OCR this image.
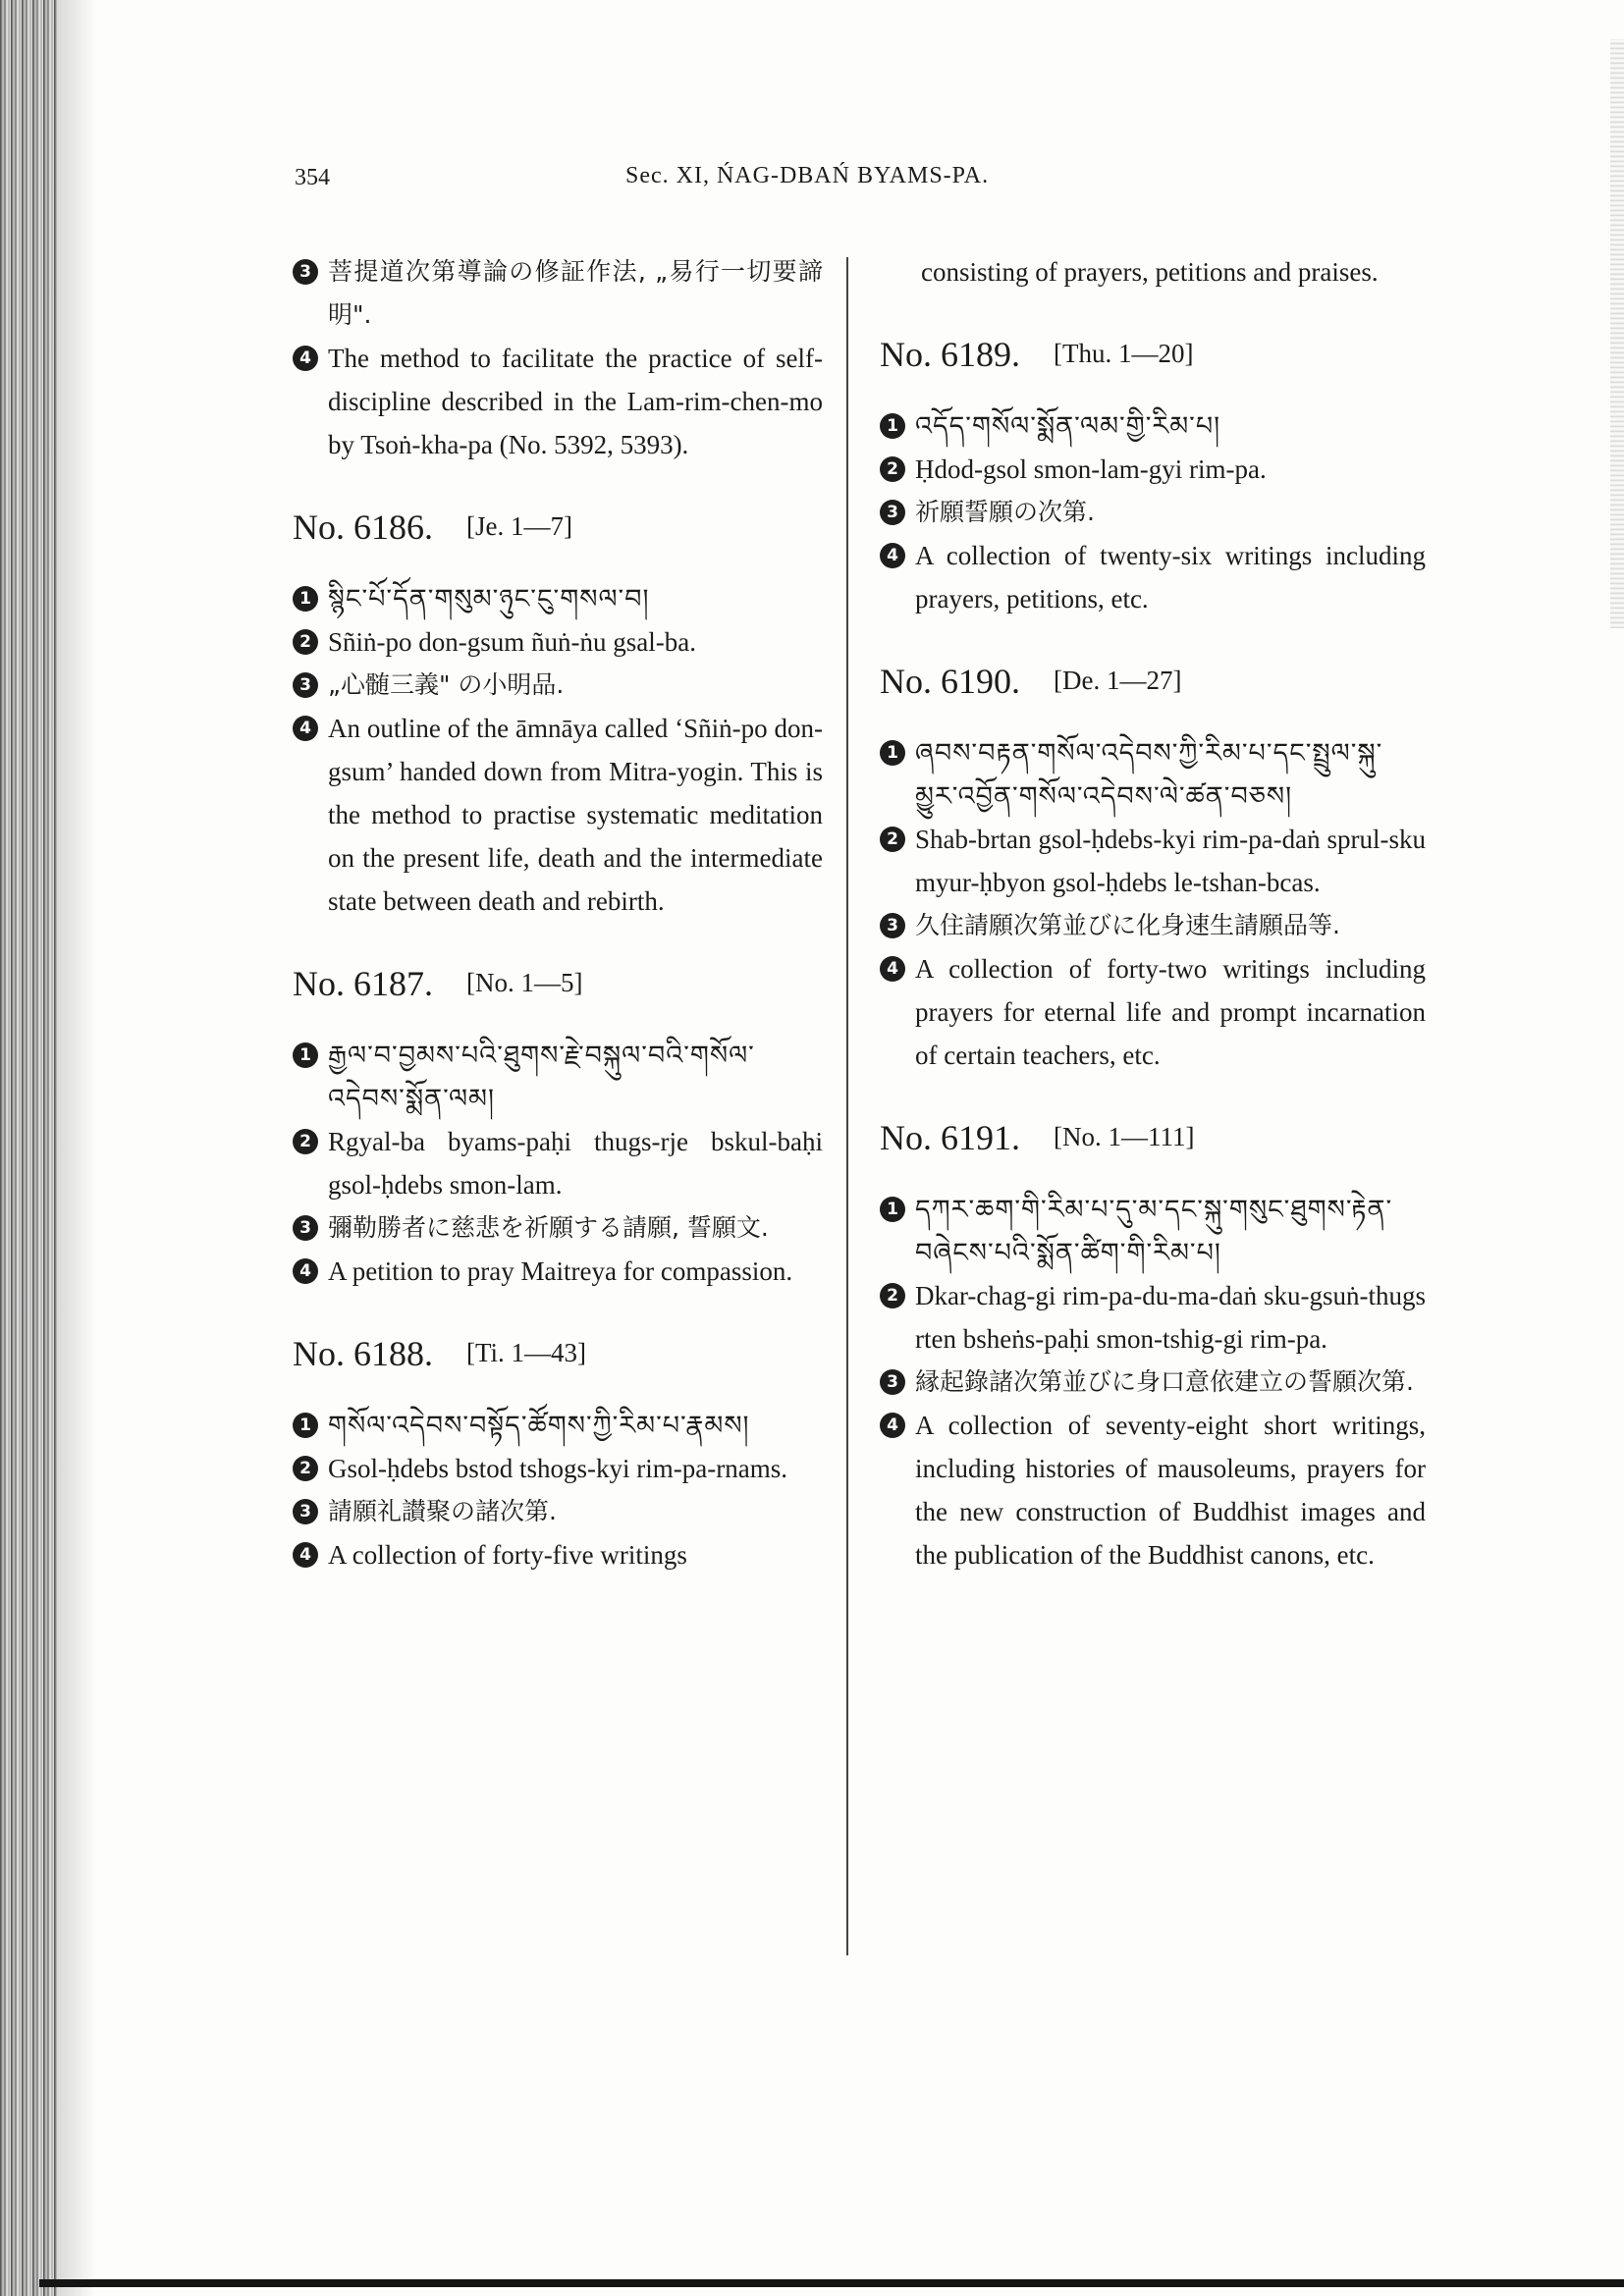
354	Sec. XI, ŃAG-DBAŃ BYAMS-PA.
3 菩提道次第導論の修証作法, „易行一切要諦明".
4 The method to facilitate the practice of self-discipline described in the Lam-rim-chen-mo by Tsoṅ-kha-pa (No. 5392, 5393).
No. 6186. [Je. 1—7]
1 སྙིང་པོ་དོན་གསུམ་ཉུང་ངུ་གསལ་བ།
2 Sñiṅ-po don-gsum ñuṅ-ṅu gsal-ba.
3 „心髄三義" の小明品.
4 An outline of the āmnāya called ‘Sñiṅ-po don-gsum’ handed down from Mitra-yogin. This is the method to practise systematic meditation on the present life, death and the intermediate state between death and rebirth.
No. 6187. [No. 1—5]
1 རྒྱལ་བ་བྱམས་པའི་ཐུགས་རྗེ་བསྐུལ་བའི་གསོལ་འདེབས་སྨོན་ལམ།
2 Rgyal-ba byams-paḥi thugs-rje bskul-baḥi gsol-ḥdebs smon-lam.
3 彌勒勝者に慈悲を祈願する請願, 誓願文.
4 A petition to pray Maitreya for compassion.
No. 6188. [Ti. 1—43]
1 གསོལ་འདེབས་བསྟོད་ཚོགས་ཀྱི་རིམ་པ་རྣམས།
2 Gsol-ḥdebs bstod tshogs-kyi rim-pa-rnams.
3 請願礼讃聚の諸次第.
4 A collection of forty-five writings
consisting of prayers, petitions and praises.
No. 6189. [Thu. 1—20]
1 འདོད་གསོལ་སྨོན་ལམ་གྱི་རིམ་པ།
2 Ḥdod-gsol smon-lam-gyi rim-pa.
3 祈願誓願の次第.
4 A collection of twenty-six writings including prayers, petitions, etc.
No. 6190. [De. 1—27]
1 ཞབས་བརྟན་གསོལ་འདེབས་ཀྱི་རིམ་པ་དང་སྤྲུལ་སྐུ་མྱུར་འབྱོན་གསོལ་འདེབས་ལེ་ཚན་བཅས།
2 Shab-brtan gsol-ḥdebs-kyi rim-pa-daṅ sprul-sku myur-ḥbyon gsol-ḥdebs le-tshan-bcas.
3 久住請願次第並びに化身速生請願品等.
4 A collection of forty-two writings including prayers for eternal life and prompt incarnation of certain teachers, etc.
No. 6191. [No. 1—111]
1 དཀར་ཆག་གི་རིམ་པ་དུ་མ་དང་སྐུ་གསུང་ཐུགས་རྟེན་བཞེངས་པའི་སྨོན་ཚིག་གི་རིམ་པ།
2 Dkar-chag-gi rim-pa-du-ma-daṅ sku-gsuṅ-thugs rten bsheṅs-paḥi smon-tshig-gi rim-pa.
3 縁起錄諸次第並びに身口意依建立の誓願次第.
4 A collection of seventy-eight short writings, including histories of mausoleums, prayers for the new construction of Buddhist images and the publication of the Buddhist canons, etc.
